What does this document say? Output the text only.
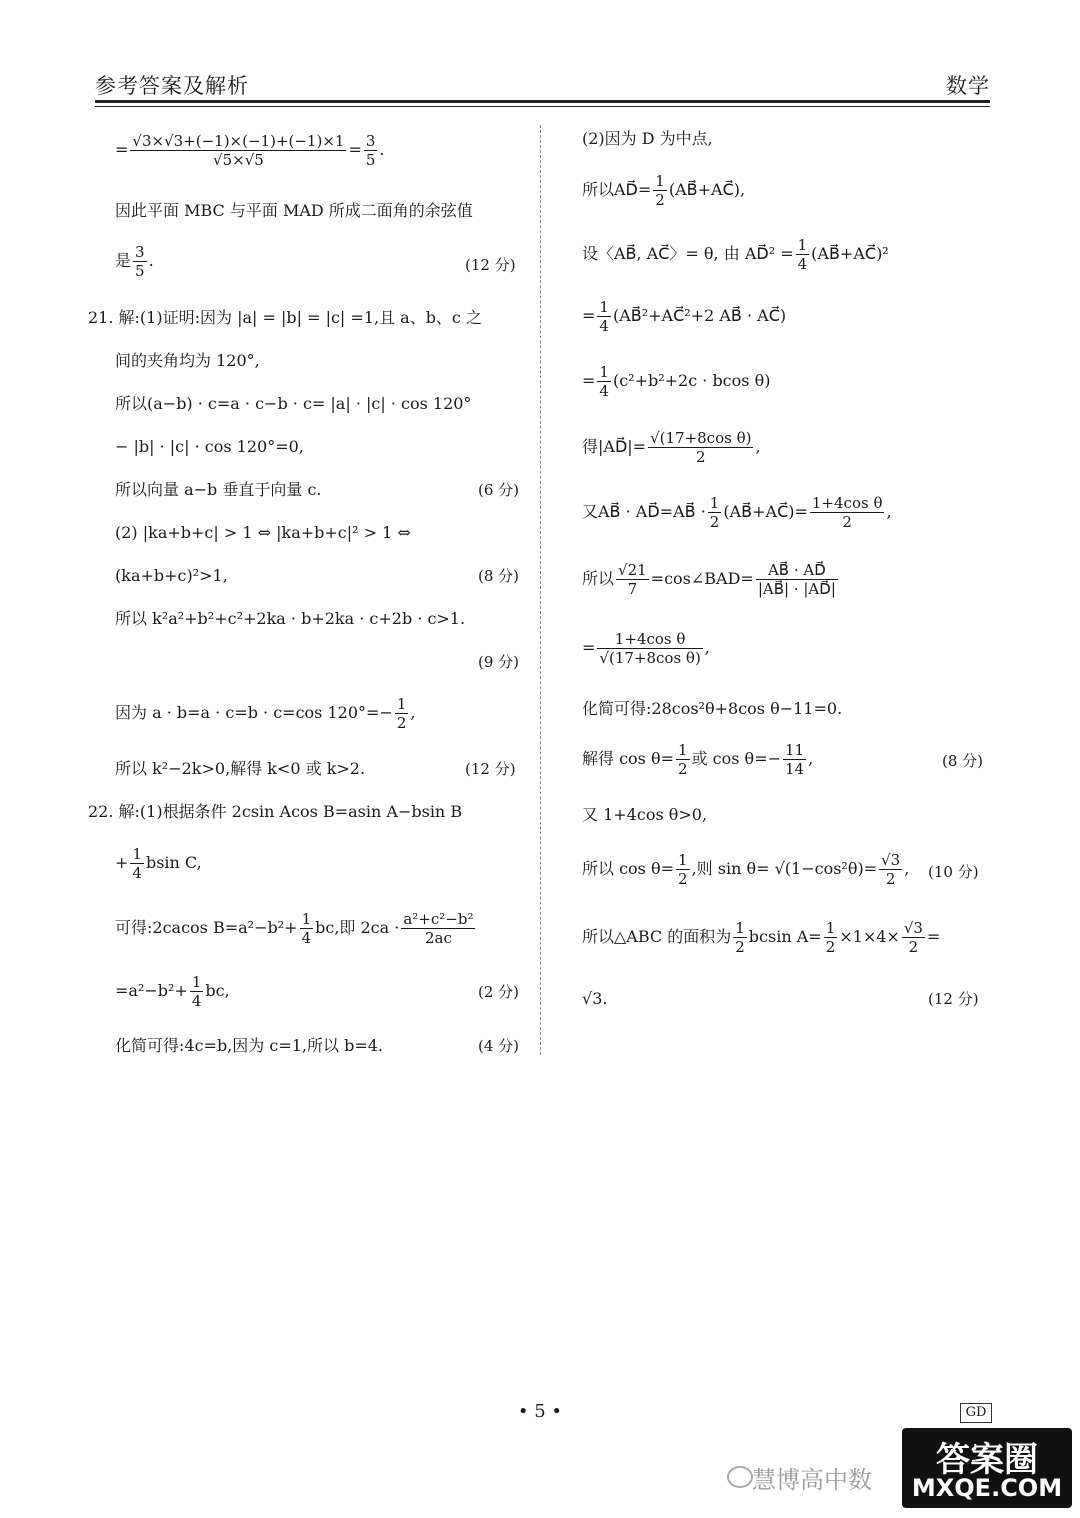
参考答案及解析	数学
= $\frac{√3\times√3+(-1)\times(-1)+(-1)\times 1}{√5\times√5} = \frac{3}{5}$ .
因此平面 MBC 与平面 MAD 所成二面角的余弦值
是 $\frac{3}{5}$ .	(12 分)
21. 解:(1)证明:因为 |a| = |b| = |c| =1,且 a、b、c 之
间的夹角均为 120°,
所以(a−b) · c=a · c−b · c= |a| · |c| · cos 120°
− |b| · |c| · cos 120°=0,
所以向量 a−b 垂直于向量 c.	(6 分)
(2) |ka+b+c| > 1 ⇔ |ka+b+c|² > 1 ⇔
(ka+b+c)²>1,	(8 分)
所以 k²a²+b²+c²+2ka · b+2ka · c+2b · c>1.
(9 分)
因为 a · b=a · c=b · c=cos $120^\circ=- \frac{1}{2}$ ,
所以 k²−2k>0,解得 k<0 或 k>2.	(12 分)
22. 解:(1)根据条件 2csin Acos B=asin A−bsin B
+ $\frac{1}{4}$ bsin C,
可得:2cacos $B=a^2-b^2+ \frac{1}{4}$ bc,即 $2ca \cdot \frac{\text{a²+c²−b²}}{2ac}$
$=a^2-b^2+ \frac{1}{4}$ bc,	(2 分)
化简可得:4c=b,因为 c=1,所以 b=4.	(4 分)
(2)因为 D 为中点,
所以AD⃗= $\frac{1}{2}$ (AB⃗+AC⃗),
设〈AB⃗, AC⃗〉= θ, 由 AD⃗² = $\frac{1}{4}$ (AB⃗+AC⃗)²
= $\frac{1}{4}$ (AB⃗²+AC⃗²+2 AB⃗ · AC⃗)
= $\frac{1}{4} (c^2+b^2+2c \cdot bcos$ θ)
得|AD⃗|= $\frac{\text{√(17+8cos θ)}}{2}$ ,
又AB⃗ · AD⃗=AB⃗ · $\frac{1}{2}$ (AB⃗+AC⃗)= $\frac{\text{1+4cos θ}}{2}$ ,
所以 $\frac{√21}{7}$ =cos∠BAD= $\frac{AB⃗ \cdot AD⃗}{|AB⃗| \cdot |AD⃗|}$
= $\frac{\text{1+4cos θ}}{\text{√(17+8cos θ)}}$ ,
化简可得:28cos²θ+8cos θ−11=0.
解得 $\cos \theta= \frac{1}{2}$ 或 $\cos \theta=- \frac{11}{14}$ ,	(8 分)
又 1+4cos θ>0,
所以 $\cos \theta= \frac{1}{2}$ ,则 $\sin \theta= √(1-\cos^2\theta)= \frac{√3}{2}$ , (10 分)
所以△ABC 的面积为 $\frac{1}{2}$ bcsin $A= \frac{1}{2} \times 1\times 4\times \frac{√3}{2}$ =
√3.	(12 分)
• 5 •	GD
慧博高中数	答案圈
MXQE.COM
